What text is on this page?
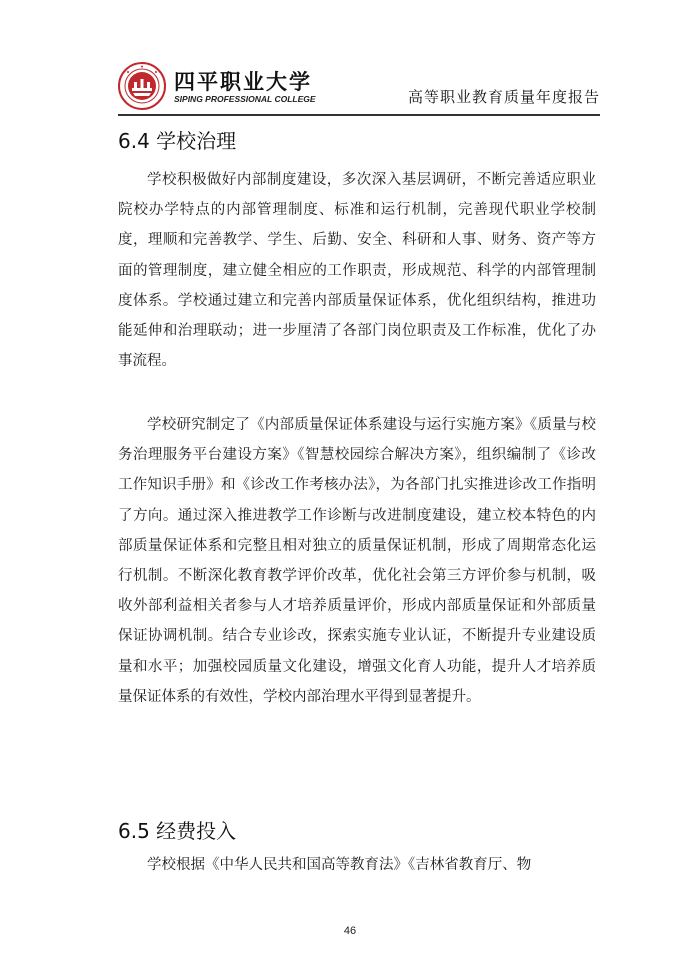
四平职业大学
SIPING PROFESSIONAL COLLEGE	高等职业教育质量年度报告
6.4 学校治理

学校积极做好内部制度建设，多次深入基层调研，不断完善适应职业院校办学特点的内部管理制度、标准和运行机制，完善现代职业学校制度，理顺和完善教学、学生、后勤、安全、科研和人事、财务、资产等方面的管理制度，建立健全相应的工作职责，形成规范、科学的内部管理制度体系。学校通过建立和完善内部质量保证体系，优化组织结构，推进功能延伸和治理联动；进一步厘清了各部门岗位职责及工作标准，优化了办事流程。

学校研究制定了《内部质量保证体系建设与运行实施方案》《质量与校务治理服务平台建设方案》《智慧校园综合解决方案》，组织编制了《诊改工作知识手册》和《诊改工作考核办法》，为各部门扎实推进诊改工作指明了方向。通过深入推进教学工作诊断与改进制度建设，建立校本特色的内部质量保证体系和完整且相对独立的质量保证机制，形成了周期常态化运行机制。不断深化教育教学评价改革，优化社会第三方评价参与机制，吸收外部利益相关者参与人才培养质量评价，形成内部质量保证和外部质量保证协调机制。结合专业诊改，探索实施专业认证，不断提升专业建设质量和水平；加强校园质量文化建设，增强文化育人功能，提升人才培养质量保证体系的有效性，学校内部治理水平得到显著提升。

6.5 经费投入

学校根据《中华人民共和国高等教育法》《吉林省教育厅、物

46
